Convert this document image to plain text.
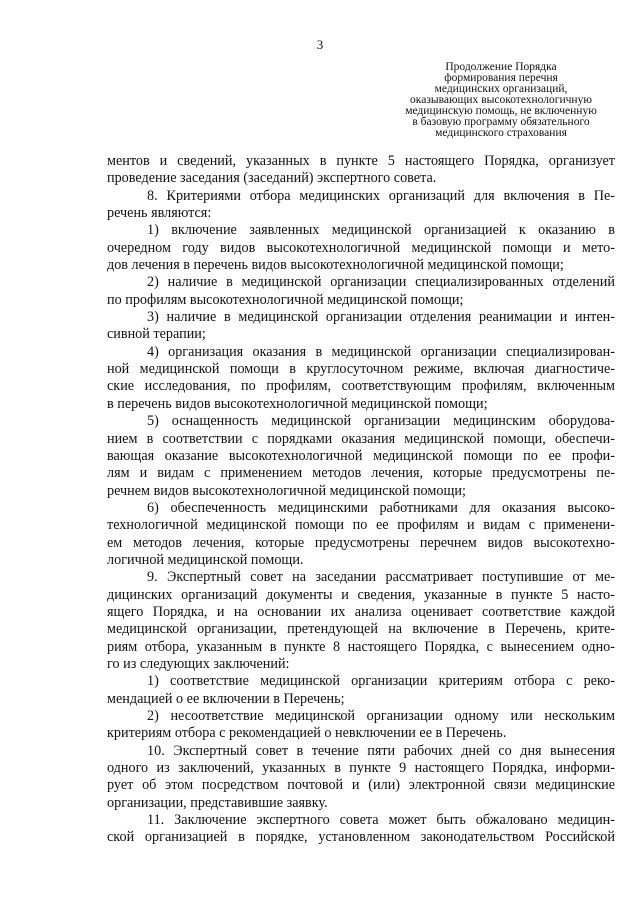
3
Продолжение Порядка
формирования перечня
медицинских организаций,
оказывающих высокотехнологичную
медицинскую помощь, не включенную
в базовую программу обязательного
медицинского страхования
ментов и сведений, указанных в пункте 5 настоящего Порядка, организует
проведение заседания (заседаний) экспертного совета.
8. Критериями отбора медицинских организаций для включения в Пе-
речень являются:
1) включение заявленных медицинской организацией к оказанию в
очередном году видов высокотехнологичной медицинской помощи и мето-
дов лечения в перечень видов высокотехнологичной медицинской помощи;
2) наличие в медицинской организации специализированных отделений
по профилям высокотехнологичной медицинской помощи;
3) наличие в медицинской организации отделения реанимации и интен-
сивной терапии;
4) организация оказания в медицинской организации специализирован-
ной медицинской помощи в круглосуточном режиме, включая диагностиче-
ские исследования, по профилям, соответствующим профилям, включенным
в перечень видов высокотехнологичной медицинской помощи;
5) оснащенность медицинской организации медицинским оборудова-
нием в соответствии с порядками оказания медицинской помощи, обеспечи-
вающая оказание высокотехнологичной медицинской помощи по ее профи-
лям и видам с применением методов лечения, которые предусмотрены пе-
речнем видов высокотехнологичной медицинской помощи;
6) обеспеченность медицинскими работниками для оказания высоко-
технологичной медицинской помощи по ее профилям и видам с применени-
ем методов лечения, которые предусмотрены перечнем видов высокотехно-
логичной медицинской помощи.
9. Экспертный совет на заседании рассматривает поступившие от ме-
дицинских организаций документы и сведения, указанные в пункте 5 насто-
ящего Порядка, и на основании их анализа оценивает соответствие каждой
медицинской организации, претендующей на включение в Перечень, крите-
риям отбора, указанным в пункте 8 настоящего Порядка, с вынесением одно-
го из следующих заключений:
1) соответствие медицинской организации критериям отбора с реко-
мендацией о ее включении в Перечень;
2) несоответствие медицинской организации одному или нескольким
критериям отбора с рекомендацией о невключении ее в Перечень.
10. Экспертный совет в течение пяти рабочих дней со дня вынесения
одного из заключений, указанных в пункте 9 настоящего Порядка, информи-
рует об этом посредством почтовой и (или) электронной связи медицинские
организации, представившие заявку.
11. Заключение экспертного совета может быть обжаловано медицин-
ской организацией в порядке, установленном законодательством Российской
